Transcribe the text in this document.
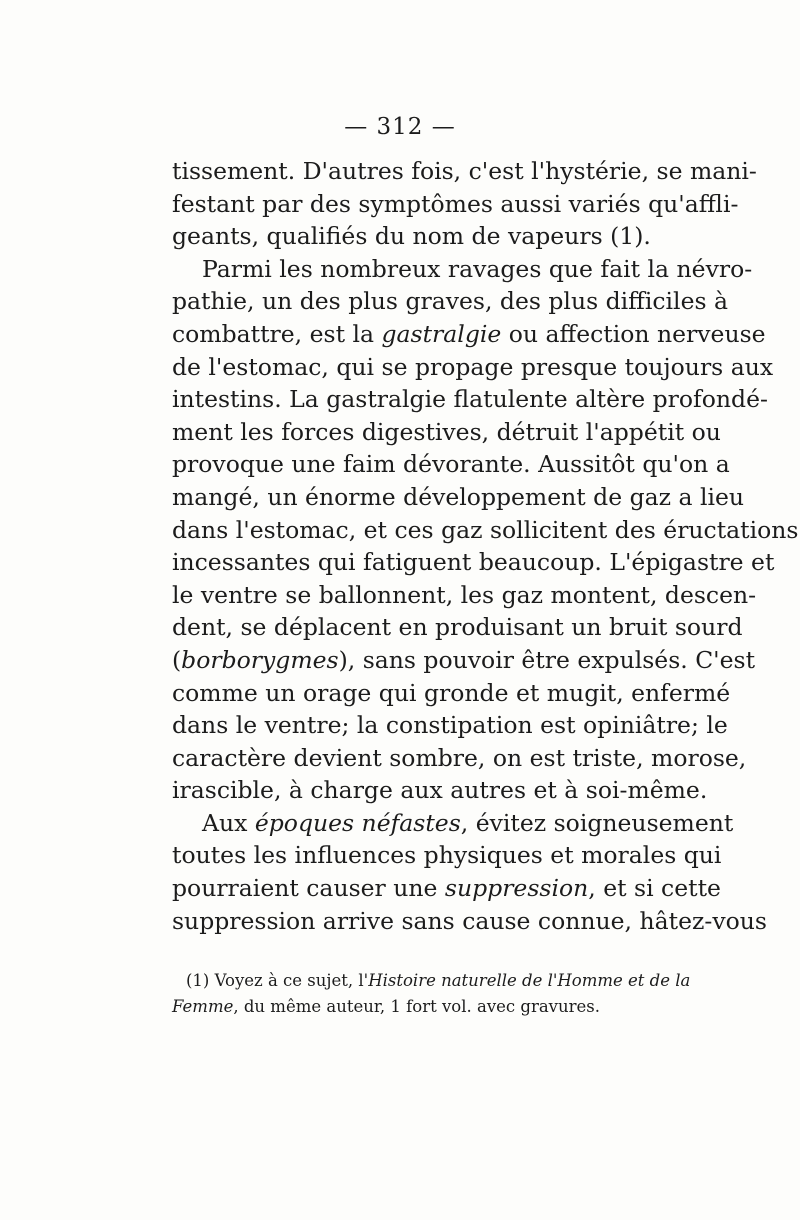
— 312 —
tissement. D'autres fois, c'est l'hystérie, se mani-
festant par des symptômes aussi variés qu'affli-
geants, qualifiés du nom de vapeurs (1).
Parmi les nombreux ravages que fait la névro-
pathie, un des plus graves, des plus difficiles à
combattre, est la gastralgie ou affection nerveuse
de l'estomac, qui se propage presque toujours aux
intestins. La gastralgie flatulente altère profondé-
ment les forces digestives, détruit l'appétit ou
provoque une faim dévorante. Aussitôt qu'on a
mangé, un énorme développement de gaz a lieu
dans l'estomac, et ces gaz sollicitent des éructations
incessantes qui fatiguent beaucoup. L'épigastre et
le ventre se ballonnent, les gaz montent, descen-
dent, se déplacent en produisant un bruit sourd
(borborygmes), sans pouvoir être expulsés. C'est
comme un orage qui gronde et mugit, enfermé
dans le ventre; la constipation est opiniâtre; le
caractère devient sombre, on est triste, morose,
irascible, à charge aux autres et à soi-même.
Aux époques néfastes, évitez soigneusement
toutes les influences physiques et morales qui
pourraient causer une suppression, et si cette
suppression arrive sans cause connue, hâtez-vous
(1) Voyez à ce sujet, l'Histoire naturelle de l'Homme et de la
Femme, du même auteur, 1 fort vol. avec gravures.
